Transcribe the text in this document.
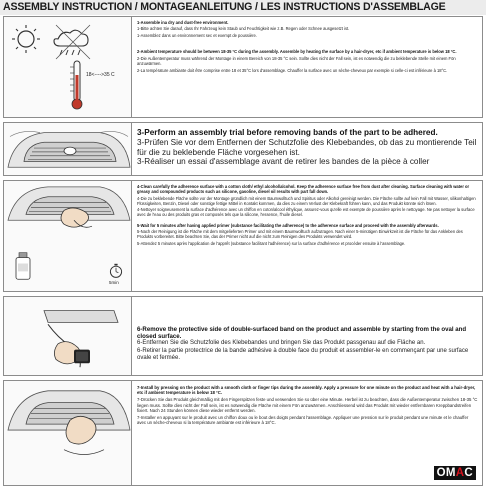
ASSEMBLY INSTRUCTION / MONTAGEANLEITUNG / LES INSTRUCTIONS D'ASSEMBLAGE
18<---->35 C

1-Assemble ina dry and dust-free environment.

1-Bitte achten Sie darauf, dass Ihr Fahrzeug kein Staub und Feuchtigkeit wie z.B. Regen oder Schnee ausgesetzt ist.

1-Assemblez dans un environnement sec et exempt de poussière.

2-Ambient temperature should be between 18-35 °C during the assembly. Assemble by heating the surface by a hair-dryer, etc if ambient temperature is below 18 °C.

2-Die Außentemperatur muss während der Montage in einem Bereich von 18-35 °C sein. Sollte dies nicht der Fall sein, ist es notwendig die zu beklebende Stelle mit einem Fön anzuwärmen.

2-La température ambiante doit être comprise entre 18 et 35°C lors d'assemblage. Chauffer la surface avec un sèche-cheveux par exemple si celle-ci est inférieure à 18°C.

3-Perform an assembly trial before removing bands of the part to be adhered.

3-Prüfen Sie vor dem Entfernen der Schutzfolie des Klebebandes, ob das zu montierende Teil für die zu beklebende Fläche vorgesehen ist.

3-Réaliser un essai d'assemblage avant de retirer les bandes de la pièce à coller

5min

4-Clean carefully the adherence surface with a cotton cloth/ ethyl alcohol/alcohol. Keep the adherence surface free from dust after cleaning. Surface cleaning with water or greasy and compounded products such as silicone, gasoline, diesel oil results with part fall down.

4-Die zu beklebende Fläche sollte vor der Montage gründlich mit einem Baumwolltuch und Spiritus oder Alkohol gereinigt werden. Die Fläche sollte auf kein Fall mit Wasser, silikonhaltigen Flüssigkeiten, Benzin, Diesel oder sonstige fettige Mittel in Kontakt kommen, da dies zu einem Verlust der Klebekraft führen kann, und das Produkt könnte sich lösen.

4-Nettoyer soigneusement la surface d'adhérence avec un chiffon en coton/alcool éthylique, assurez-vous qu'elle est exempte de poussière après le nettoyage. Ne pas nettoyer la surface avec de l'eau ou des produits gras et composés tels que la silicone, l'essence, l'huile diesel.

5-Wait for 5 minutes after having applied primer (substance facilitating the adherence) to the adherence surface and proceed with the assembly afterwards.

5-Nach der Reinigung ist die Fläche mit dem mitgelieferten Primer und mit einem Baumwolltuch aufzutragen. Nach einer 5-minütigen Einwirkzeit ist die Fläche für das Ankleben des Produkts vorbereitet. Bitte beachten Sie, das der Primer nicht auf die nicht zum Reinigen des Produkts verwendet wird.

5-Attendez 5 minutes après l'application de l'apprêt (substance facilitant l'adhérence) sur la surface d'adhérence et procéder ensuite à l'assemblage.

6-Remove the protective side of double-surfaced band on the product and assemble by starting from the oval and closed surface.

6-Entfernen Sie die Schutzfolie des Klebebandes und bringen Sie das Produkt passgenau auf die Fläche an.

6-Retirer la partie protectrice de la bande adhésive à double face du produit et assembler-le en commençant par une surface ovale et fermée.

7-Install by pressing on the product with a smooth cloth or finger tips during the assembly. Apply a pressure for one minute on the product and heat with a hair-dryer, etc if ambient temperature is below 18 °C.

7-Drücken Sie das Produkt gleichmäßig mit den Fingerspitzen feste und verwenden Sie so über eine Minute. Herbel ist zu beachten, dass die Außentemperatur zwischen 18-35 °C liegen muss. Sollte dies nicht der Fall sein, ist es notwendig die Fläche mit einem Fön anzuwärmen. Anschliessend wird das Produkt mit wieder entfernbaren Kreppbandstreifen fixiert. Nach 24 Stunden können diese wieder entfernt werden.

7-Installer en appuyant sur le produit avec un chiffon doux ou le bout des doigts pendant l'assemblage. Appliquer une pression sur le produit pendant une minute et le chauffer avec un sèche-cheveux si la température ambiante est inférieure à 18°C.

OMAC
